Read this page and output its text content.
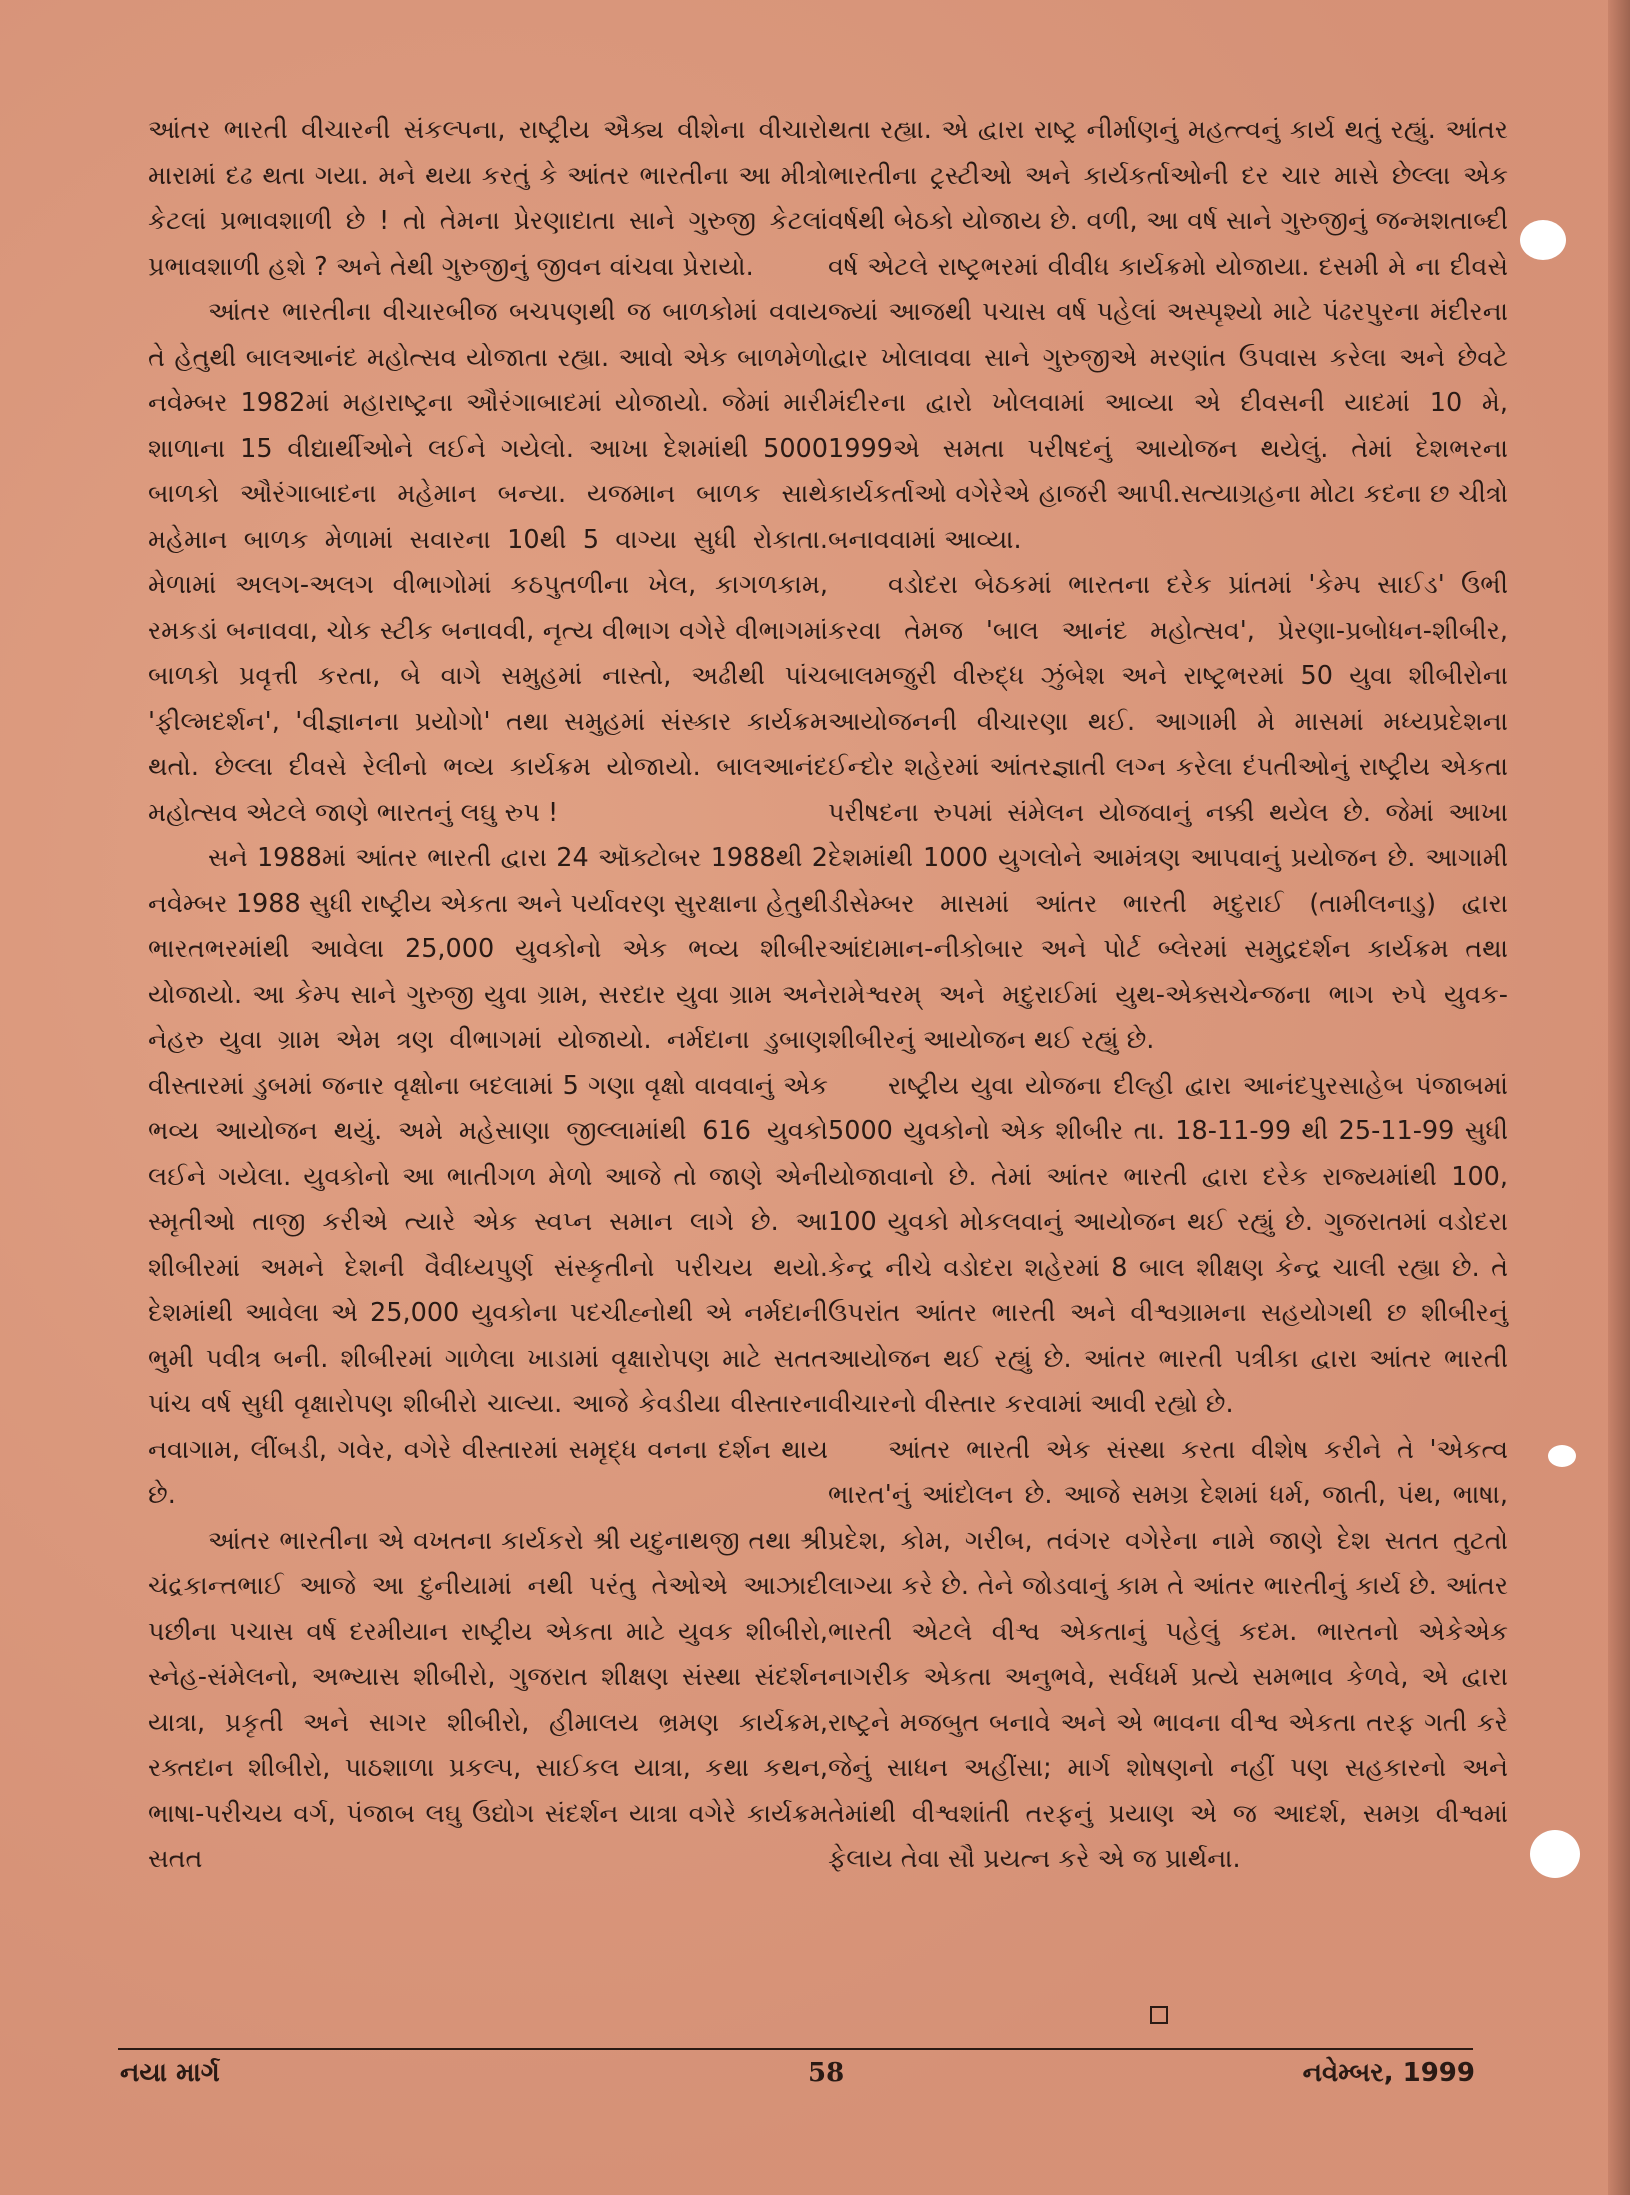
આંતર ભારતી વીચારની સંકલ્પના, રાષ્ટ્રીય ઐક્ય વીશેના વીચારો મારામાં દઢ થતા ગયા. મને થયા કરતું કે આંતર ભારતીના આ મીત્રો કેટલાં પ્રભાવશાળી છે ! તો તેમના પ્રેરણાદાતા સાને ગુરુજી કેટલાં પ્રભાવશાળી હશે ? અને તેથી ગુરુજીનું જીવન વાંચવા પ્રેરાયો.

આંતર ભારતીના વીચારબીજ બચપણથી જ બાળકોમાં વવાય તે હેતુથી બાલઆનંદ મહોત્સવ યોજાતા રહ્યા. આવો એક બાળમેળો નવેમ્બર 1982માં મહારાષ્ટ્રના ઔરંગાબાદમાં યોજાયો. જેમાં મારી શાળાના 15 વીદ્યાર્થીઓને લઈને ગયેલો. આખા દેશમાંથી 5000 બાળકો ઔરંગાબાદના મહેમાન બન્યા. યજમાન બાળક સાથે મહેમાન બાળક મેળામાં સવારના 10થી 5 વાગ્યા સુધી રોકાતા. મેળામાં અલગ-અલગ વીભાગોમાં કઠપુતળીના ખેલ, કાગળકામ, રમકડાં બનાવવા, ચોક સ્ટીક બનાવવી, નૃત્ય વીભાગ વગેરે વીભાગમાં બાળકો પ્રવૃત્તી કરતા, બે વાગે સમુહમાં નાસ્તો, અઢીથી પાંચ 'ફીલ્મદર્શન', 'વીજ્ઞાનના પ્રયોગો' તથા સમુહમાં સંસ્કાર કાર્યક્રમ થતો. છેલ્લા દીવસે રેલીનો ભવ્ય કાર્યક્રમ યોજાયો. બાલઆનંદ મહોત્સવ એટલે જાણે ભારતનું લઘુ રુપ !

સને 1988માં આંતર ભારતી દ્વારા 24 ઑક્ટોબર 1988થી 2 નવેમ્બર 1988 સુધી રાષ્ટ્રીય એકતા અને પર્યાવરણ સુરક્ષાના હેતુથી ભારતભરમાંથી આવેલા 25,000 યુવકોનો એક ભવ્ય શીબીર યોજાયો. આ કેમ્પ સાને ગુરુજી યુવા ગ્રામ, સરદાર યુવા ગ્રામ અને નેહરુ યુવા ગ્રામ એમ ત્રણ વીભાગમાં યોજાયો. નર્મદાના ડુબાણ વીસ્તારમાં ડુબમાં જનાર વૃક્ષોના બદલામાં 5 ગણા વૃક્ષો વાવવાનું એક ભવ્ય આયોજન થયું. અમે મહેસાણા જીલ્લામાંથી 616 યુવકો લઈને ગયેલા. યુવકોનો આ ભાતીગળ મેળો આજે તો જાણે એની સ્મૃતીઓ તાજી કરીએ ત્યારે એક સ્વપ્ન સમાન લાગે છે. આ શીબીરમાં અમને દેશની વૈવીધ્યપુર્ણ સંસ્કૃતીનો પરીચય થયો. દેશમાંથી આવેલા એ 25,000 યુવકોના પદચીહ્નોથી એ નર્મદાની ભુમી પવીત્ર બની. શીબીરમાં ગાળેલા ખાડામાં વૃક્ષારોપણ માટે સતત પાંચ વર્ષ સુધી વૃક્ષારોપણ શીબીરો ચાલ્યા. આજે કેવડીયા વીસ્તારના નવાગામ, લીંબડી, ગવેર, વગેરે વીસ્તારમાં સમૃદ્ધ વનના દર્શન થાય છે.

આંતર ભારતીના એ વખતના કાર્યકરો શ્રી યદુનાથજી તથા શ્રી ચંદ્રકાન્તભાઈ આજે આ દુનીયામાં નથી પરંતુ તેઓએ આઝાદી પછીના પચાસ વર્ષ દરમીયાન રાષ્ટ્રીય એકતા માટે યુવક શીબીરો, સ્નેહ-સંમેલનો, અભ્યાસ શીબીરો, ગુજરાત શીક્ષણ સંસ્થા સંદર્શન યાત્રા, પ્રકૃતી અને સાગર શીબીરો, હીમાલય ભ્રમણ કાર્યક્રમ, રક્તદાન શીબીરો, પાઠશાળા પ્રકલ્પ, સાઈકલ યાત્રા, કથા કથન, ભાષા-પરીચય વર્ગ, પંજાબ લઘુ ઉદ્યોગ સંદર્શન યાત્રા વગેરે કાર્યક્રમ સતત

થતા રહ્યા. એ દ્વારા રાષ્ટ્ર નીર્માણનું મહત્ત્વનું કાર્ય થતું રહ્યું. આંતર ભારતીના ટ્રસ્ટીઓ અને કાર્યકર્તાઓની દર ચાર માસે છેલ્લા એક વર્ષથી બેઠકો યોજાય છે. વળી, આ વર્ષ સાને ગુરુજીનું જન્મશતાબ્દી વર્ષ એટલે રાષ્ટ્રભરમાં વીવીધ કાર્યક્રમો યોજાયા. દસમી મે ના દીવસે જ્યાં આજથી પચાસ વર્ષ પહેલાં અસ્પૃશ્યો માટે પંઢરપુરના મંદીરના દ્વાર ખોલાવવા સાને ગુરુજીએ મરણાંત ઉપવાસ કરેલા અને છેવટે મંદીરના દ્વારો ખોલવામાં આવ્યા એ દીવસની યાદમાં 10 મે, 1999એ સમતા પરીષદનું આયોજન થયેલું. તેમાં દેશભરના કાર્યકર્તાઓ વગેરેએ હાજરી આપી.સત્યાગ્રહના મોટા કદના છ ચીત્રો બનાવવામાં આવ્યા.

વડોદરા બેઠકમાં ભારતના દરેક પ્રાંતમાં 'કેમ્પ સાઈડ' ઉભી કરવા તેમજ 'બાલ આનંદ મહોત્સવ', પ્રેરણા-પ્રબોધન-શીબીર, બાલમજુરી વીરુદ્ધ ઝુંબેશ અને રાષ્ટ્રભરમાં 50 યુવા શીબીરોના આયોજનની વીચારણા થઈ. આગામી મે માસમાં મધ્યપ્રદેશના ઈન્દોર શહેરમાં આંતરજ્ઞાતી લગ્ન કરેલા દંપતીઓનું રાષ્ટ્રીય એકતા પરીષદના રુપમાં સંમેલન યોજવાનું નક્કી થયેલ છે. જેમાં આખા દેશમાંથી 1000 યુગલોને આમંત્રણ આપવાનું પ્રયોજન છે. આગામી ડીસેમ્બર માસમાં આંતર ભારતી મદુરાઈ (તામીલનાડુ) દ્વારા આંદામાન-નીકોબાર અને પોર્ટ બ્લેરમાં સમુદ્રદર્શન કાર્યક્રમ તથા રામેશ્વરમ્ અને મદુરાઈમાં યુથ-એક્સચેન્જના ભાગ રુપે યુવક-શીબીરનું આયોજન થઈ રહ્યું છે.

રાષ્ટ્રીય યુવા યોજના દીલ્હી દ્વારા આનંદપુરસાહેબ પંજાબમાં 5000 યુવકોનો એક શીબીર તા. 18-11-99 થી 25-11-99 સુધી યોજાવાનો છે. તેમાં આંતર ભારતી દ્વારા દરેક રાજ્યમાંથી 100, 100 યુવકો મોકલવાનું આયોજન થઈ રહ્યું છે. ગુજરાતમાં વડોદરા કેન્દ્ર નીચે વડોદરા શહેરમાં 8 બાલ શીક્ષણ કેન્દ્ર ચાલી રહ્યા છે. તે ઉપરાંત આંતર ભારતી અને વીશ્વગ્રામના સહયોગથી છ શીબીરનું આયોજન થઈ રહ્યું છે. આંતર ભારતી પત્રીકા દ્વારા આંતર ભારતી વીચારનો વીસ્તાર કરવામાં આવી રહ્યો છે.

આંતર ભારતી એક સંસ્થા કરતા વીશેષ કરીને તે 'એકત્વ ભારત'નું આંદોલન છે. આજે સમગ્ર દેશમાં ધર્મ, જાતી, પંથ, ભાષા, પ્રદેશ, કોમ, ગરીબ, તવંગર વગેરેના નામે જાણે દેશ સતત તુટતો લાગ્યા કરે છે. તેને જોડવાનું કામ તે આંતર ભારતીનું કાર્ય છે. આંતર ભારતી એટલે વીશ્વ એકતાનું પહેલું કદમ. ભારતનો એકેએક નાગરીક એકતા અનુભવે, સર્વધર્મ પ્રત્યે સમભાવ કેળવે, એ દ્વારા રાષ્ટ્રને મજબુત બનાવે અને એ ભાવના વીશ્વ એકતા તરફ ગતી કરે જેનું સાધન અહીંસા; માર્ગ શોષણનો નહીં પણ સહકારનો અને તેમાંથી વીશ્વશાંતી તરફનું પ્રયાણ એ જ આદર્શ, સમગ્ર વીશ્વમાં ફેલાય તેવા સૌ પ્રયત્ન કરે એ જ પ્રાર્થના.

નયા માર્ગ	58	નવેમ્બર, 1999
